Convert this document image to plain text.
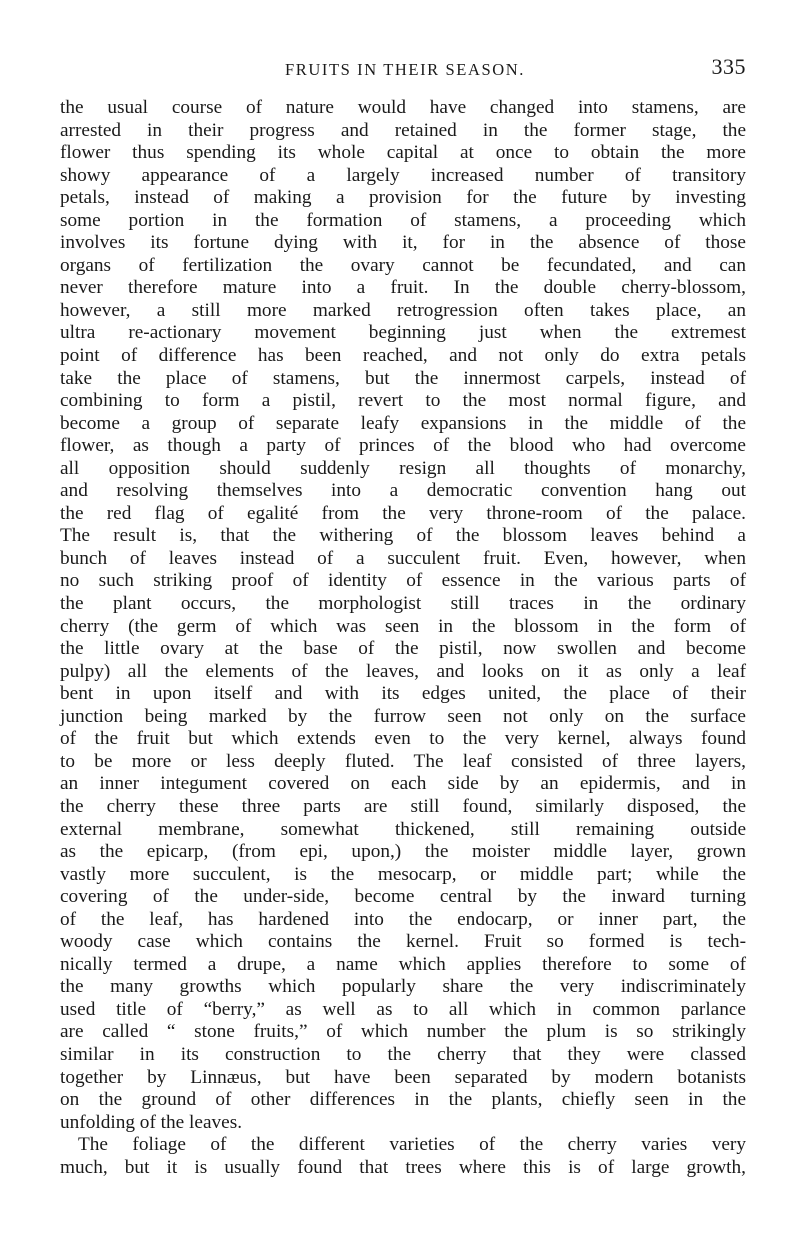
FRUITS IN THEIR SEASON.	335
the usual course of nature would have changed into stamens, are
arrested in their progress and retained in the former stage, the
flower thus spending its whole capital at once to obtain the more
showy appearance of a largely increased number of transitory
petals, instead of making a provision for the future by investing
some portion in the formation of stamens, a proceeding which
involves its fortune dying with it, for in the absence of those
organs of fertilization the ovary cannot be fecundated, and can
never therefore mature into a fruit. In the double cherry-blossom,
however, a still more marked retrogression often takes place, an
ultra re-actionary movement beginning just when the extremest
point of difference has been reached, and not only do extra petals
take the place of stamens, but the innermost carpels, instead of
combining to form a pistil, revert to the most normal figure, and
become a group of separate leafy expansions in the middle of the
flower, as though a party of princes of the blood who had overcome
all opposition should suddenly resign all thoughts of monarchy,
and resolving themselves into a democratic convention hang out
the red flag of egalité from the very throne-room of the palace.
The result is, that the withering of the blossom leaves behind a
bunch of leaves instead of a succulent fruit. Even, however, when
no such striking proof of identity of essence in the various parts of
the plant occurs, the morphologist still traces in the ordinary
cherry (the germ of which was seen in the blossom in the form of
the little ovary at the base of the pistil, now swollen and become
pulpy) all the elements of the leaves, and looks on it as only a leaf
bent in upon itself and with its edges united, the place of their
junction being marked by the furrow seen not only on the surface
of the fruit but which extends even to the very kernel, always found
to be more or less deeply fluted. The leaf consisted of three layers,
an inner integument covered on each side by an epidermis, and in
the cherry these three parts are still found, similarly disposed, the
external membrane, somewhat thickened, still remaining outside
as the epicarp, (from epi, upon,) the moister middle layer, grown
vastly more succulent, is the mesocarp, or middle part; while the
covering of the under-side, become central by the inward turning
of the leaf, has hardened into the endocarp, or inner part, the
woody case which contains the kernel. Fruit so formed is tech-
nically termed a drupe, a name which applies therefore to some of
the many growths which popularly share the very indiscriminately
used title of “berry,” as well as to all which in common parlance
are called “ stone fruits,” of which number the plum is so strikingly
similar in its construction to the cherry that they were classed
together by Linnæus, but have been separated by modern botanists
on the ground of other differences in the plants, chiefly seen in the
unfolding of the leaves.
The foliage of the different varieties of the cherry varies very
much, but it is usually found that trees where this is of large growth,
